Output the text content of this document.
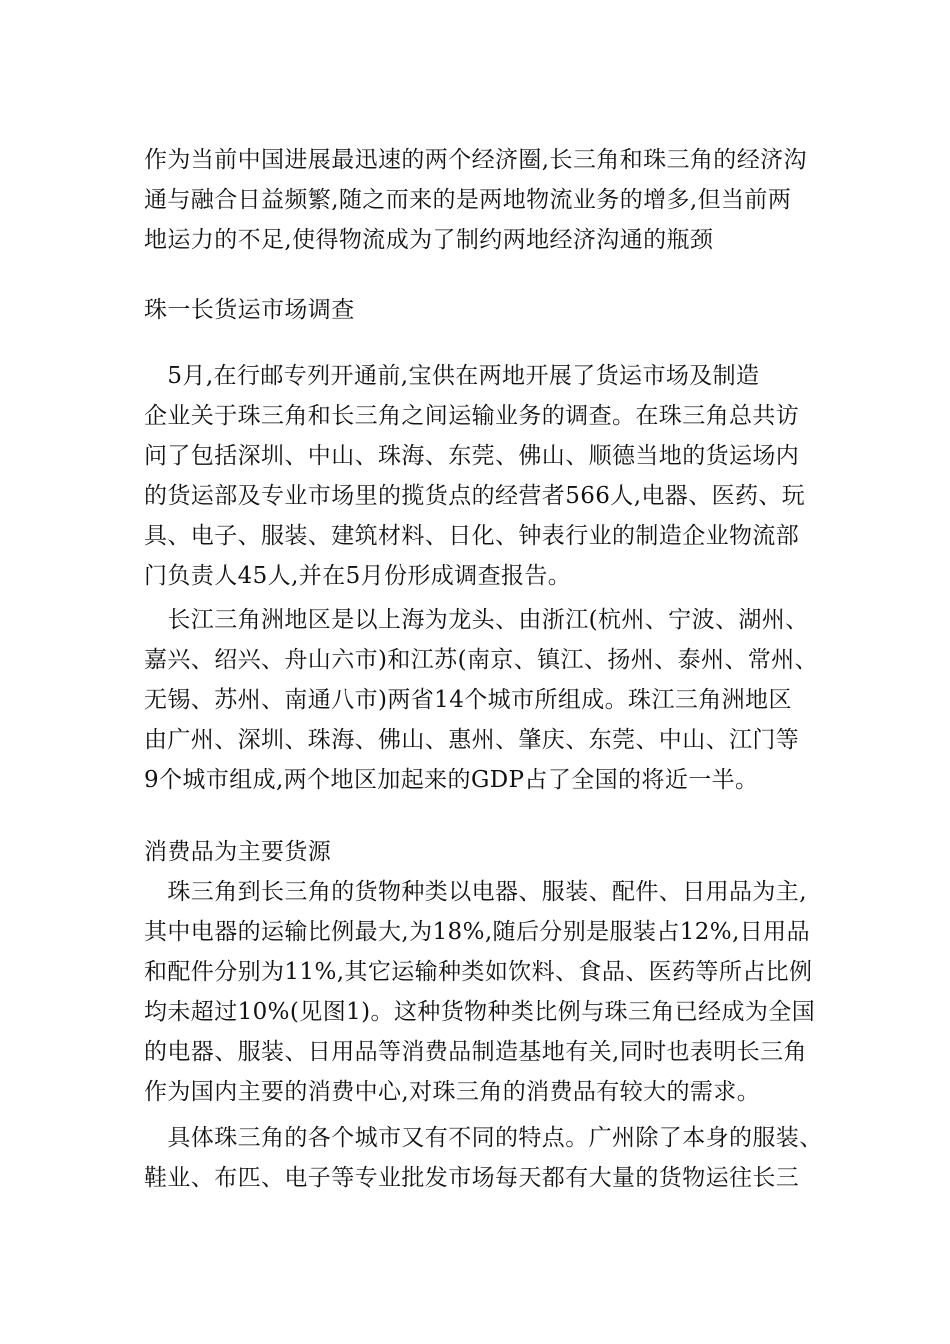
作为当前中国进展最迅速的两个经济圈,长三角和珠三角的经济沟
通与融合日益频繁,随之而来的是两地物流业务的增多,但当前两
地运力的不足,使得物流成为了制约两地经济沟通的瓶颈
珠一长货运市场调查
　5月,在行邮专列开通前,宝供在两地开展了货运市场及制造
企业关于珠三角和长三角之间运输业务的调查。在珠三角总共访
问了包括深圳、中山、珠海、东莞、佛山、顺德当地的货运场内
的货运部及专业市场里的揽货点的经营者566人,电器、医药、玩
具、电子、服装、建筑材料、日化、钟表行业的制造企业物流部
门负责人45人,并在5月份形成调查报告。
　长江三角洲地区是以上海为龙头、由浙江(杭州、宁波、湖州、
嘉兴、绍兴、舟山六市)和江苏(南京、镇江、扬州、泰州、常州、
无锡、苏州、南通八市)两省14个城市所组成。珠江三角洲地区
由广州、深圳、珠海、佛山、惠州、肇庆、东莞、中山、江门等
9个城市组成,两个地区加起来的GDP占了全国的将近一半。
消费品为主要货源
　珠三角到长三角的货物种类以电器、服装、配件、日用品为主,
其中电器的运输比例最大,为18%,随后分别是服装占12%,日用品
和配件分别为11%,其它运输种类如饮料、食品、医药等所占比例
均未超过10%(见图1)。这种货物种类比例与珠三角已经成为全国
的电器、服装、日用品等消费品制造基地有关,同时也表明长三角
作为国内主要的消费中心,对珠三角的消费品有较大的需求。
　具体珠三角的各个城市又有不同的特点。广州除了本身的服装、
鞋业、布匹、电子等专业批发市场每天都有大量的货物运往长三
